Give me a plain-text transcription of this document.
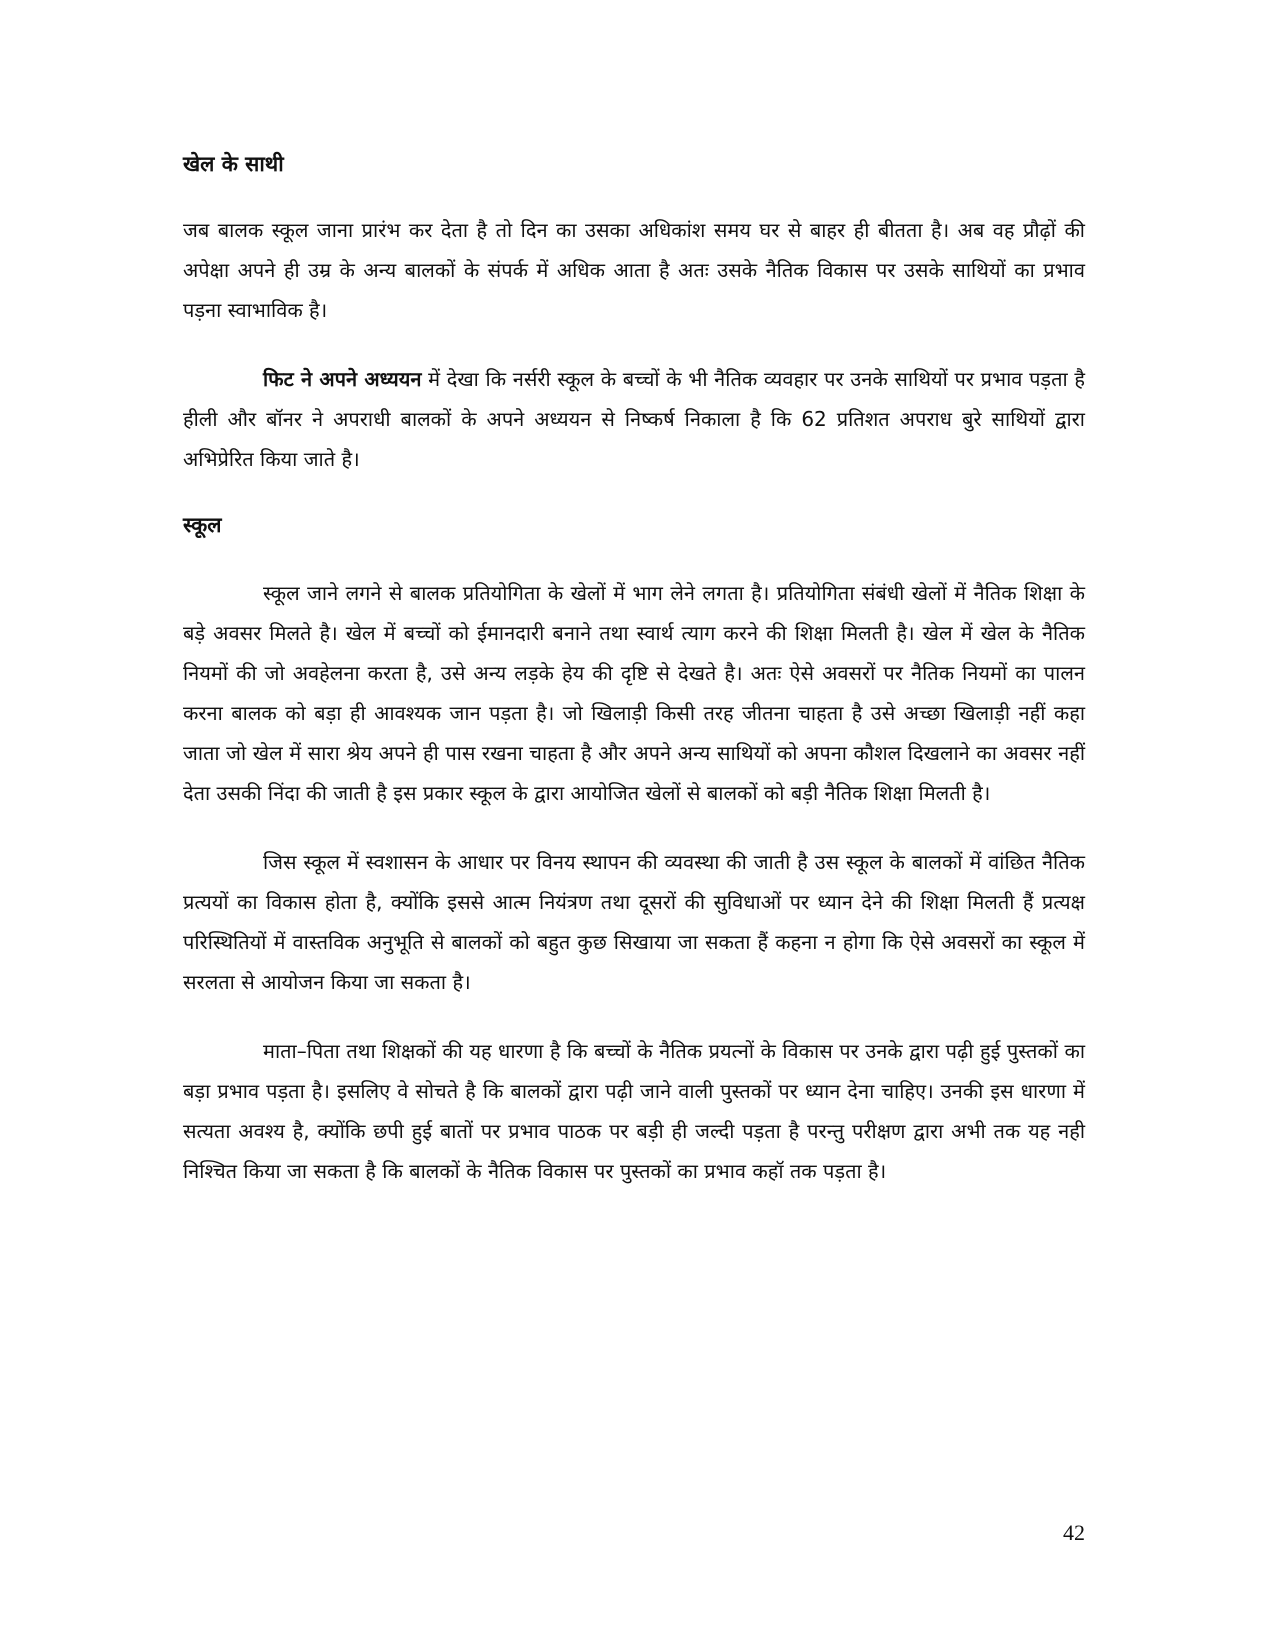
खेल के साथी

जब बालक स्कूल जाना प्रारंभ कर देता है तो दिन का उसका अधिकांश समय घर से बाहर ही बीतता है। अब वह प्रौढ़ों की अपेक्षा अपने ही उम्र के अन्य बालकों के संपर्क में अधिक आता है अतः उसके नैतिक विकास पर उसके साथियों का प्रभाव पड़ना स्वाभाविक है।

फिट ने अपने अध्ययन में देखा कि नर्सरी स्कूल के बच्चों के भी नैतिक व्यवहार पर उनके साथियों पर प्रभाव पड़ता है हीली और बॉनर ने अपराधी बालकों के अपने अध्ययन से निष्कर्ष निकाला है कि 62 प्रतिशत अपराध बुरे साथियों द्वारा अभिप्रेरित किया जाते है।

स्कूल

स्कूल जाने लगने से बालक प्रतियोगिता के खेलों में भाग लेने लगता है। प्रतियोगिता संबंधी खेलों में नैतिक शिक्षा के बड़े अवसर मिलते है। खेल में बच्चों को ईमानदारी बनाने तथा स्वार्थ त्याग करने की शिक्षा मिलती है। खेल में खेल के नैतिक नियमों की जो अवहेलना करता है, उसे अन्य लड़के हेय की दृष्टि से देखते है। अतः ऐसे अवसरों पर नैतिक नियमों का पालन करना बालक को बड़ा ही आवश्यक जान पड़ता है। जो खिलाड़ी किसी तरह जीतना चाहता है उसे अच्छा खिलाड़ी नहीं कहा जाता जो खेल में सारा श्रेय अपने ही पास रखना चाहता है और अपने अन्य साथियों को अपना कौशल दिखलाने का अवसर नहीं देता उसकी निंदा की जाती है इस प्रकार स्कूल के द्वारा आयोजित खेलों से बालकों को बड़ी नैतिक शिक्षा मिलती है।

जिस स्कूल में स्वशासन के आधार पर विनय स्थापन की व्यवस्था की जाती है उस स्कूल के बालकों में वांछित नैतिक प्रत्ययों का विकास होता है, क्योंकि इससे आत्म नियंत्रण तथा दूसरों की सुविधाओं पर ध्यान देने की शिक्षा मिलती हैं प्रत्यक्ष परिस्थितियों में वास्तविक अनुभूति से बालकों को बहुत कुछ सिखाया जा सकता हैं कहना न होगा कि ऐसे अवसरों का स्कूल में सरलता से आयोजन किया जा सकता है।

माता–पिता तथा शिक्षकों की यह धारणा है कि बच्चों के नैतिक प्रयत्नों के विकास पर उनके द्वारा पढ़ी हुई पुस्तकों का बड़ा प्रभाव पड़ता है। इसलिए वे सोचते है कि बालकों द्वारा पढ़ी जाने वाली पुस्तकों पर ध्यान देना चाहिए। उनकी इस धारणा में सत्यता अवश्य है, क्योंकि छपी हुई बातों पर प्रभाव पाठक पर बड़ी ही जल्दी पड़ता है परन्तु परीक्षण द्वारा अभी तक यह नही निश्चित किया जा सकता है कि बालकों के नैतिक विकास पर पुस्तकों का प्रभाव कहॉ तक पड़ता है।

42
